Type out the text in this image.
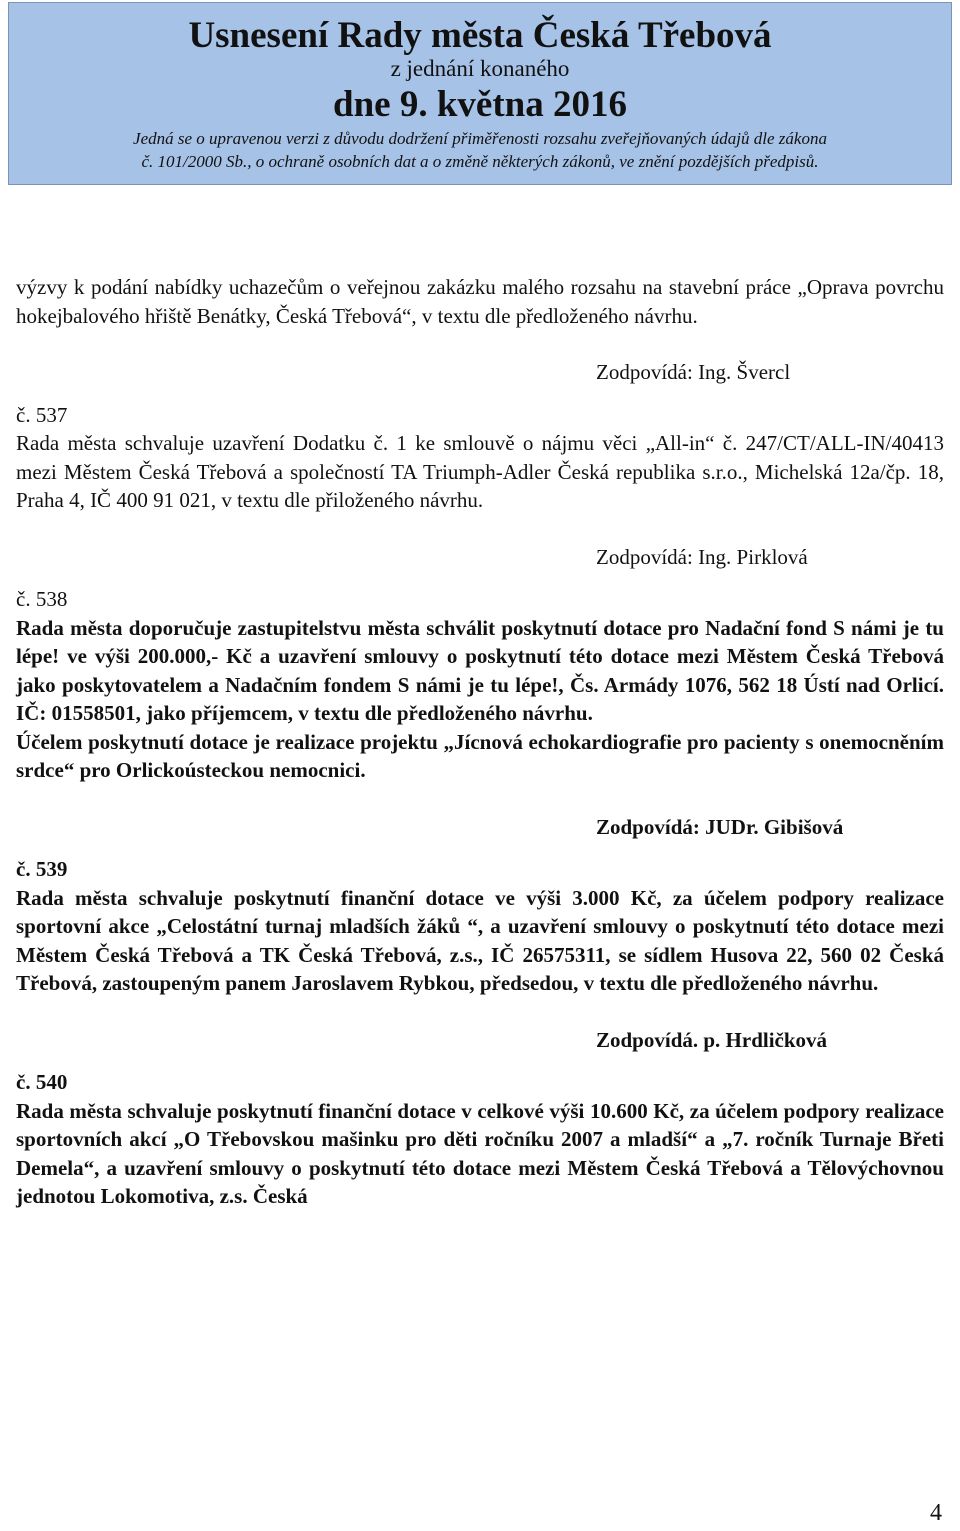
Usnesení Rady města Česká Třebová
z jednání konaného
dne 9. května 2016
Jedná se o upravenou verzi z důvodu dodržení přiměřenosti rozsahu zveřejňovaných údajů dle zákona
č. 101/2000 Sb., o ochraně osobních dat a o změně některých zákonů, ve znění pozdějších předpisů.

výzvy k podání nabídky uchazečům o veřejnou zakázku malého rozsahu na stavební práce „Oprava povrchu hokejbalového hřiště Benátky, Česká Třebová“, v textu dle předloženého návrhu.

Zodpovídá: Ing. Švercl

č. 537

Rada města schvaluje uzavření Dodatku č. 1 ke smlouvě o nájmu věci „All-in“ č. 247/CT/ALL-IN/40413 mezi Městem Česká Třebová a společností TA Triumph-Adler Česká republika s.r.o., Michelská 12a/čp. 18, Praha 4, IČ 400 91 021, v textu dle přiloženého návrhu.

Zodpovídá: Ing. Pirklová

č. 538

Rada města doporučuje zastupitelstvu města schválit poskytnutí dotace pro Nadační fond S námi je tu lépe! ve výši 200.000,- Kč a uzavření smlouvy o poskytnutí této dotace mezi Městem Česká Třebová jako poskytovatelem a Nadačním fondem S námi je tu lépe!, Čs. Armády 1076, 562 18 Ústí nad Orlicí. IČ: 01558501, jako příjemcem, v textu dle předloženého návrhu.

Účelem poskytnutí dotace je realizace projektu „Jícnová echokardiografie pro pacienty s onemocněním srdce“ pro Orlickoústeckou nemocnici.

Zodpovídá: JUDr. Gibišová

č. 539

Rada města schvaluje poskytnutí finanční dotace ve výši 3.000 Kč, za účelem podpory realizace sportovní akce „Celostátní turnaj mladších žáků “, a uzavření smlouvy o poskytnutí této dotace mezi Městem Česká Třebová a TK Česká Třebová, z.s., IČ 26575311, se sídlem Husova 22, 560 02 Česká Třebová, zastoupeným panem Jaroslavem Rybkou, předsedou, v textu dle předloženého návrhu.

Zodpovídá. p. Hrdličková

č. 540

Rada města schvaluje poskytnutí finanční dotace v celkové výši 10.600 Kč, za účelem podpory realizace sportovních akcí „O Třebovskou mašinku pro děti ročníku 2007 a mladší“ a „7. ročník Turnaje Břeti Demela“, a uzavření smlouvy o poskytnutí této dotace mezi Městem Česká Třebová a Tělovýchovnou jednotou Lokomotiva, z.s. Česká

4
